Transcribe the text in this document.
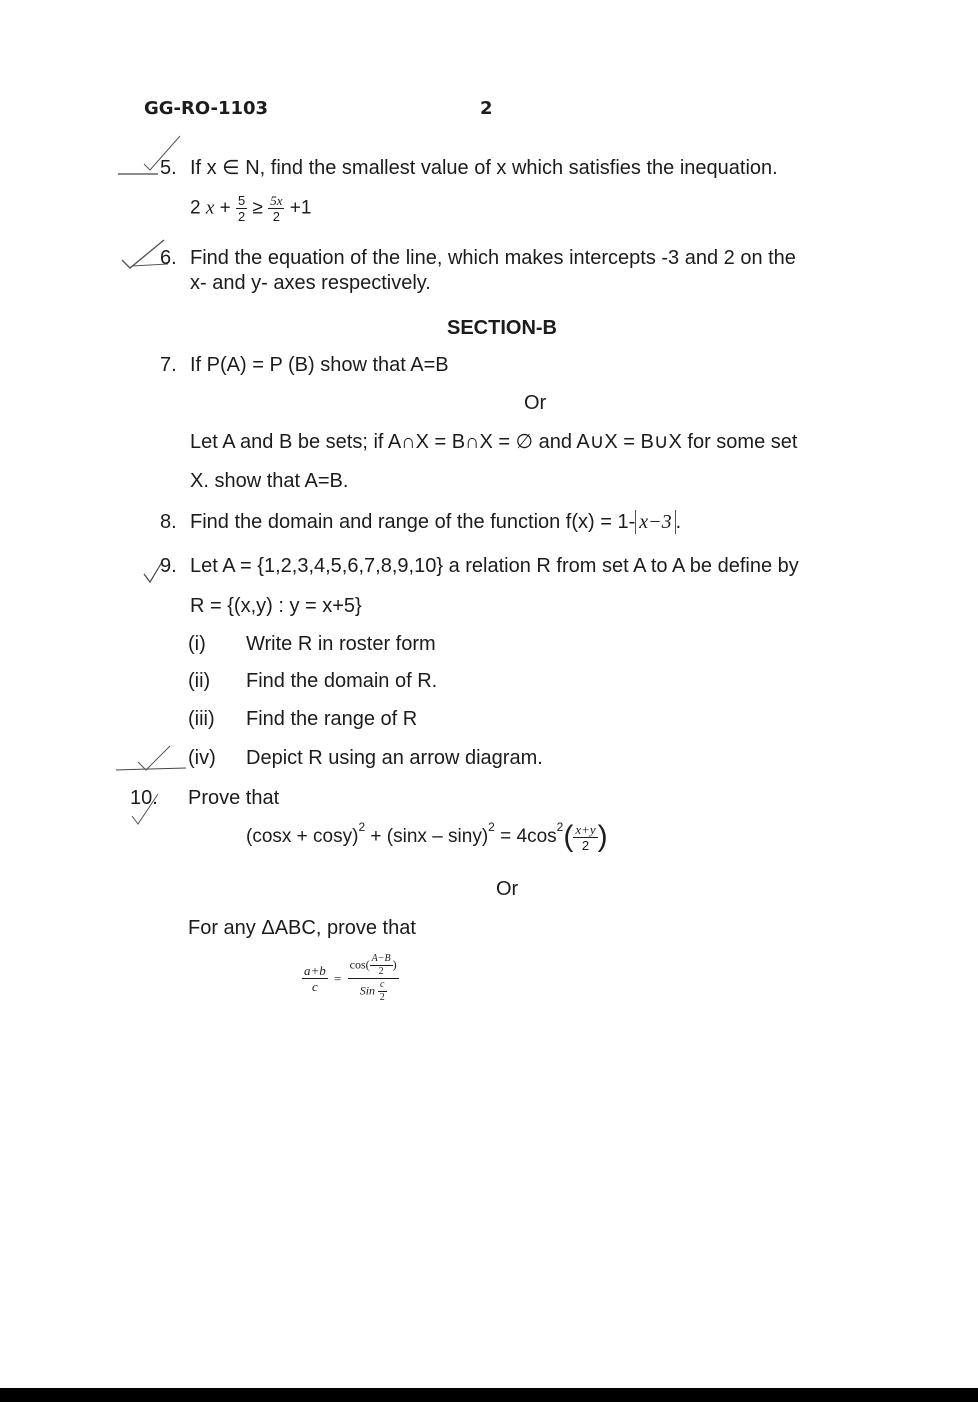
GG-RO-1103	2
5. If x ∈ N, find the smallest value of x which satisfies the inequation.
2 $x + \frac{5}{2} \ge \frac{5x}{2} +1$
6. Find the equation of the line, which makes intercepts -3 and 2 on the
x- and y- axes respectively.
SECTION-B
7. If P(A) = P (B) show that A=B
Or
Let A and B be sets; if A∩X = B∩X = ∅ and A∪X = B∪X for some set
X. show that A=B.
8. Find the domain and range of the function f(x) = 1- x−3 .
9. Let A = {1,2,3,4,5,6,7,8,9,10} a relation R from set A to A be define by
R = {(x,y) : y = x+5}
(i) Write R in roster form
(ii) Find the domain of R.
(iii) Find the range of R
(iv) Depict R using an arrow diagram.
10. Prove that
$(\cos x + \cos y)^2 + (\sin x - \sin y)^2 = 4\cos^2( \frac{x+y}{2}$ )
Or
For any ΔABC, prove that
$\frac{a+b}{c} = \frac{\cos( \frac{A-B}{2} )}{Sin \frac{c}{2}}$
